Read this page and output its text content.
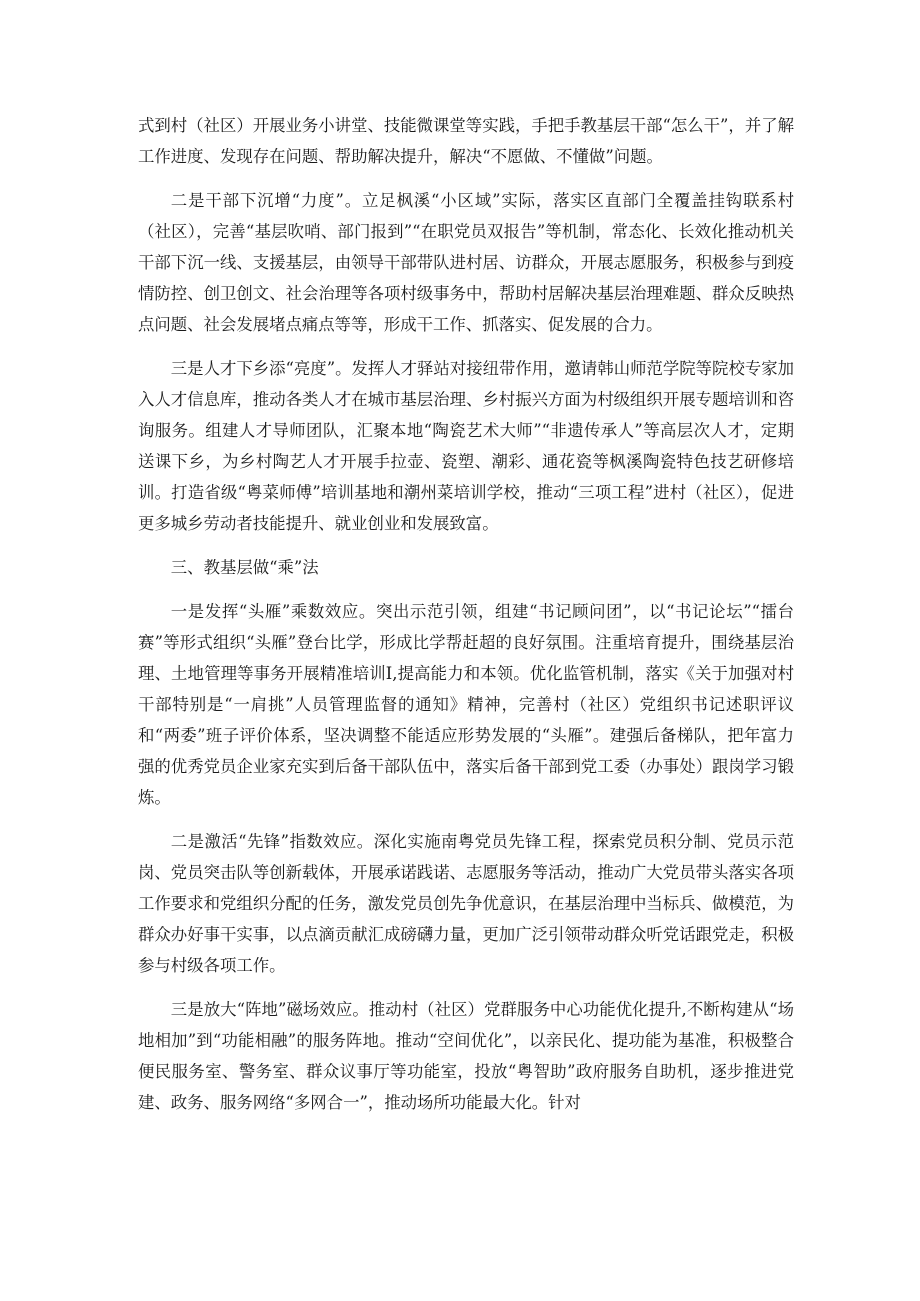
式到村（社区）开展业务小讲堂、技能微课堂等实践，手把手教基层干部“怎么干”，并了解工作进度、发现存在问题、帮助解决提升，解决“不愿做、不懂做”问题。

二是干部下沉增“力度”。立足枫溪“小区域”实际，落实区直部门全覆盖挂钩联系村（社区），完善“基层吹哨、部门报到”“在职党员双报告”等机制，常态化、长效化推动机关干部下沉一线、支援基层，由领导干部带队进村居、访群众，开展志愿服务，积极参与到疫情防控、创卫创文、社会治理等各项村级事务中，帮助村居解决基层治理难题、群众反映热点问题、社会发展堵点痛点等等，形成干工作、抓落实、促发展的合力。

三是人才下乡添“亮度”。发挥人才驿站对接纽带作用，邀请韩山师范学院等院校专家加入人才信息库，推动各类人才在城市基层治理、乡村振兴方面为村级组织开展专题培训和咨询服务。组建人才导师团队，汇聚本地“陶瓷艺术大师”“非遗传承人”等高层次人才，定期送课下乡，为乡村陶艺人才开展手拉壶、瓷塑、潮彩、通花瓷等枫溪陶瓷特色技艺研修培训。打造省级“粤菜师傅”培训基地和潮州菜培训学校，推动“三项工程”进村（社区），促进更多城乡劳动者技能提升、就业创业和发展致富。

三、教基层做“乘”法

一是发挥“头雁”乘数效应。突出示范引领，组建“书记顾问团”，以“书记论坛”“擂台赛”等形式组织“头雁”登台比学，形成比学帮赶超的良好氛围。注重培育提升，围绕基层治理、土地管理等事务开展精准培训I,提高能力和本领。优化监管机制，落实《关于加强对村干部特别是“一肩挑”人员管理监督的通知》精神，完善村（社区）党组织书记述职评议和“两委”班子评价体系，坚决调整不能适应形势发展的“头雁”。建强后备梯队，把年富力强的优秀党员企业家充实到后备干部队伍中，落实后备干部到党工委（办事处）跟岗学习锻炼。

二是激活“先锋”指数效应。深化实施南粤党员先锋工程，探索党员积分制、党员示范岗、党员突击队等创新载体，开展承诺践诺、志愿服务等活动，推动广大党员带头落实各项工作要求和党组织分配的任务，激发党员创先争优意识，在基层治理中当标兵、做模范，为群众办好事干实事，以点滴贡献汇成磅礴力量，更加广泛引领带动群众听党话跟党走，积极参与村级各项工作。

三是放大“阵地”磁场效应。推动村（社区）党群服务中心功能优化提升,不断构建从“场地相加”到“功能相融”的服务阵地。推动“空间优化”，以亲民化、提功能为基准，积极整合便民服务室、警务室、群众议事厅等功能室，投放“粤智助”政府服务自助机，逐步推进党建、政务、服务网络“多网合一”，推动场所功能最大化。针对
